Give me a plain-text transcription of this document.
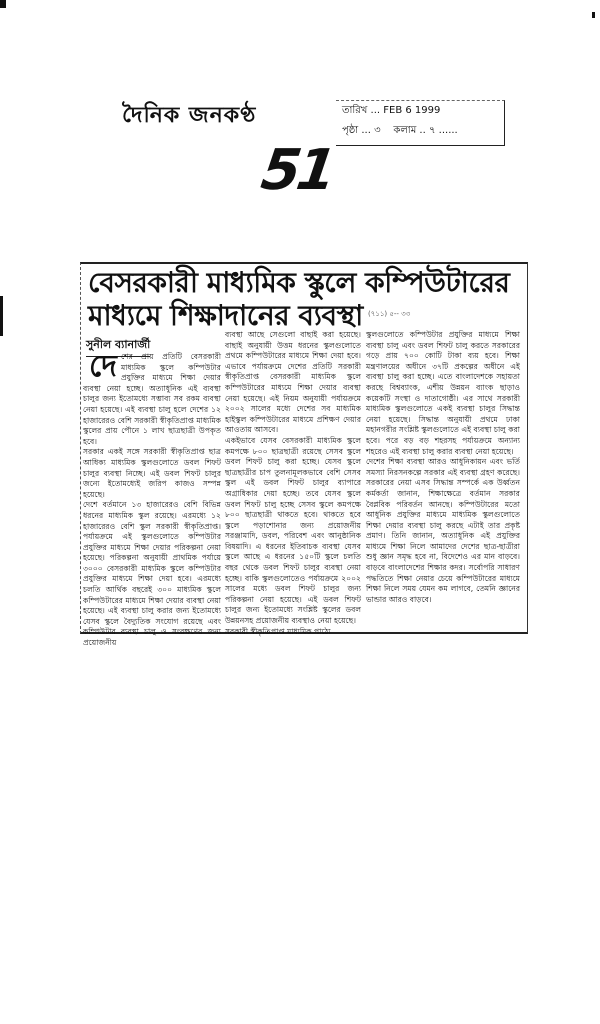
দৈনিক জনকণ্ঠ	তারিখ ... FEB 6 1999
পৃষ্ঠা ... ৩ কলাম .. ৭ ......
51
বেসরকারী মাধ্যমিক স্কুলে কম্পিউটারের
মাধ্যমে শিক্ষাদানের ব্যবস্থা (৭১১) ৫-- ৩৩
সুনীল ব্যানার্জী
দে শের প্রায় প্রতিটি বেসরকারী মাধ্যমিক স্কুলে কম্পিউটার প্রযুক্তির মাধ্যমে শিক্ষা দেয়ার ব্যবস্থা নেয়া হচ্ছে। অত্যাধুনিক এই ব্যবস্থা চালুর জন্য ইতোমধ্যে সম্ভাব্য সব রকম ব্যবস্থা নেয়া হয়েছে। এই ব্যবস্থা চালু হলে দেশের ১২ হাজারেরও বেশি সরকারী স্বীকৃতিপ্রাপ্ত মাধ্যমিক স্কুলের প্রায় পৌনে ১ লাখ ছাত্রছাত্রী উপকৃত হবে।

সরকার একই সঙ্গে সরকারী স্বীকৃতিপ্রাপ্ত ছাত্র আধিক্য মাধ্যমিক স্কুলগুলোতে ডবল শিফট চালুর ব্যবস্থা নিচ্ছে। এই ডবল শিফট চালুর জন্যে ইতোমধ্যেই জরিপ কাজও সম্পন্ন হয়েছে।

দেশে বর্তমানে ১৩ হাজারেরও বেশি বিভিন্ন ধরনের মাধ্যমিক স্কুল রয়েছে। এরমধ্যে ১২ হাজারেরও বেশি স্কুল সরকারী স্বীকৃতিপ্রাপ্ত। পর্যায়ক্রমে এই স্কুলগুলোতে কম্পিউটার প্রযুক্তির মাধ্যমে শিক্ষা দেয়ার পরিকল্পনা নেয়া হয়েছে। পরিকল্পনা অনুযায়ী প্রাথমিক পর্যায়ে ৩০০০ বেসরকারী মাধ্যমিক স্কুলে কম্পিউটার প্রযুক্তির মাধ্যমে শিক্ষা দেয়া হবে। এরমধ্যে চলতি আর্থিক বছরেই ৩০০ মাধ্যমিক স্কুলে কম্পিউটারের মাধ্যমে শিক্ষা দেয়ার ব্যবস্থা নেয়া হয়েছে। এই ব্যবস্থা চালু করার জন্য ইতোমধ্যে যেসব স্কুলে বৈদ্যুতিক সংযোগ রয়েছে এবং কম্পিউটার ব্যবস্থা চালু ও সংরক্ষণের জন্য প্রয়োজনীয়

ব্যবস্থা আছে সেগুলো বাছাই করা হয়েছে। বাছাই অনুযায়ী উত্তম ধরনের স্কুলগুলোতে প্রথমে কম্পিউটারের মাধ্যমে শিক্ষা দেয়া হবে। এভাবে পর্যায়ক্রমে দেশের প্রতিটি সরকারী স্বীকৃতিপ্রাপ্ত বেসরকারী মাধ্যমিক স্কুলে কম্পিউটারের মাধ্যমে শিক্ষা দেয়ার ব্যবস্থা নেয়া হয়েছে। এই নিয়ম অনুযায়ী পর্যায়ক্রমে ২০০২ সালের মধ্যে দেশের সব মাধ্যমিক হাইস্কুল কম্পিউটারের মাধ্যমে প্রশিক্ষণ দেয়ার আওতায় আসবে।

একইভাবে যেসব বেসরকারী মাধ্যমিক স্কুলে কমপক্ষে ৮০০ ছাত্রছাত্রী রয়েছে সেসব স্কুলে ডবল শিফট চালু করা হচ্ছে। যেসব স্কুলে ছাত্রছাত্রীর চাপ তুলনামূলকভাবে বেশি সেসব স্কুল এই ডবল শিফট চালুর ব্যাপারে অগ্রাধিকার দেয়া হচ্ছে। তবে যেসব স্কুলে ডবল শিফট চালু হচ্ছে সেসব স্কুলে কমপক্ষে ৮০০ ছাত্রছাত্রী থাকতে হবে। থাকতে হবে স্কুলে পড়াশোনার জন্য প্রয়োজনীয় সরঞ্জামাদি, ডবল, পরিবেশ এবং আনুষ্ঠানিক বিষয়াদি। এ ধরনের ইতিবাচক ব্যবস্থা যেসব স্কুলে আছে এ ধরনের ১৫০টি স্কুলে চলতি বছর থেকে ডবল শিফট চালুর ব্যবস্থা নেয়া হচ্ছে। বাকি স্কুলগুলোতেও পর্যায়ক্রমে ২০০২ সালের মধ্যে ডবল শিফট চালুর জন্য পরিকল্পনা নেয়া হয়েছে। এই ডবল শিফট চালুর জন্য ইতোমধ্যে সংশ্লিষ্ট স্কুলের ডবল উন্নয়নসহ প্রয়োজনীয় ব্যবস্থাও নেয়া হয়েছে।

সরকারী স্বীকৃতিপ্রাপ্ত মাধ্যমিক পাঠ্যে

স্কুলগুলোতে কম্পিউটার প্রযুক্তির মাধ্যমে শিক্ষা ব্যবস্থা চালু এবং ডবল শিফট চালু করতে সরকারের গড়ে প্রায় ৭০০ কোটি টাকা ব্যয় হবে। শিক্ষা মন্ত্রণালয়ের অধীনে ৩৭টি প্রকল্পের অধীনে এই ব্যবস্থা চালু করা হচ্ছে। এতে বাংলাদেশকে সহায়তা করছে বিশ্বব্যাংক, এশীয় উন্নয়ন ব্যাংক ছাড়াও কয়েকটি সংস্থা ও দাতাগোষ্ঠী। এর সাথে সরকারী মাধ্যমিক স্কুলগুলোতে একই ব্যবস্থা চালুর সিদ্ধান্ত নেয়া হয়েছে। সিদ্ধান্ত অনুযায়ী প্রথমে ঢাকা মহানগরীর সংশ্লিষ্ট স্কুলগুলোতে এই ব্যবস্থা চালু করা হবে। পরে বড় বড় শহরসহ পর্যায়ক্রমে অন্যান্য শহরেও এই ব্যবস্থা চালু করার ব্যবস্থা নেয়া হয়েছে।

দেশের শিক্ষা ব্যবস্থা আরও আধুনিকায়ন এবং ভর্তি সমস্যা নিরসনকল্পে সরকার এই ব্যবস্থা গ্রহণ করেছে। সরকারের নেয়া এসব সিদ্ধান্ত সম্পর্কে এক উর্ধ্বতন কর্মকর্তা জানান, শিক্ষাক্ষেত্রে বর্তমান সরকার বৈপ্লবিক পরিবর্তন আনছে। কম্পিউটারের মতো আধুনিক প্রযুক্তির মাধ্যমে মাধ্যমিক স্কুলগুলোতে শিক্ষা দেয়ার ব্যবস্থা চালু করছে এটাই তার প্রকৃষ্ট প্রমাণ। তিনি জানান, অত্যাধুনিক এই প্রযুক্তির মাধ্যমে শিক্ষা নিলে আমাদের দেশের ছাত্র-ছাত্রীরা শুধু জ্ঞান সমৃদ্ধ হবে না, বিদেশেও এর মান বাড়বে। বাড়বে বাংলাদেশের শিক্ষার কদর। সর্বোপরি সাধারণ পদ্ধতিতে শিক্ষা নেয়ার চেয়ে কম্পিউটারের মাধ্যমে শিক্ষা নিলে সময় যেমন কম লাগবে, তেমনি জ্ঞানের ভান্ডার আরও বাড়বে।
